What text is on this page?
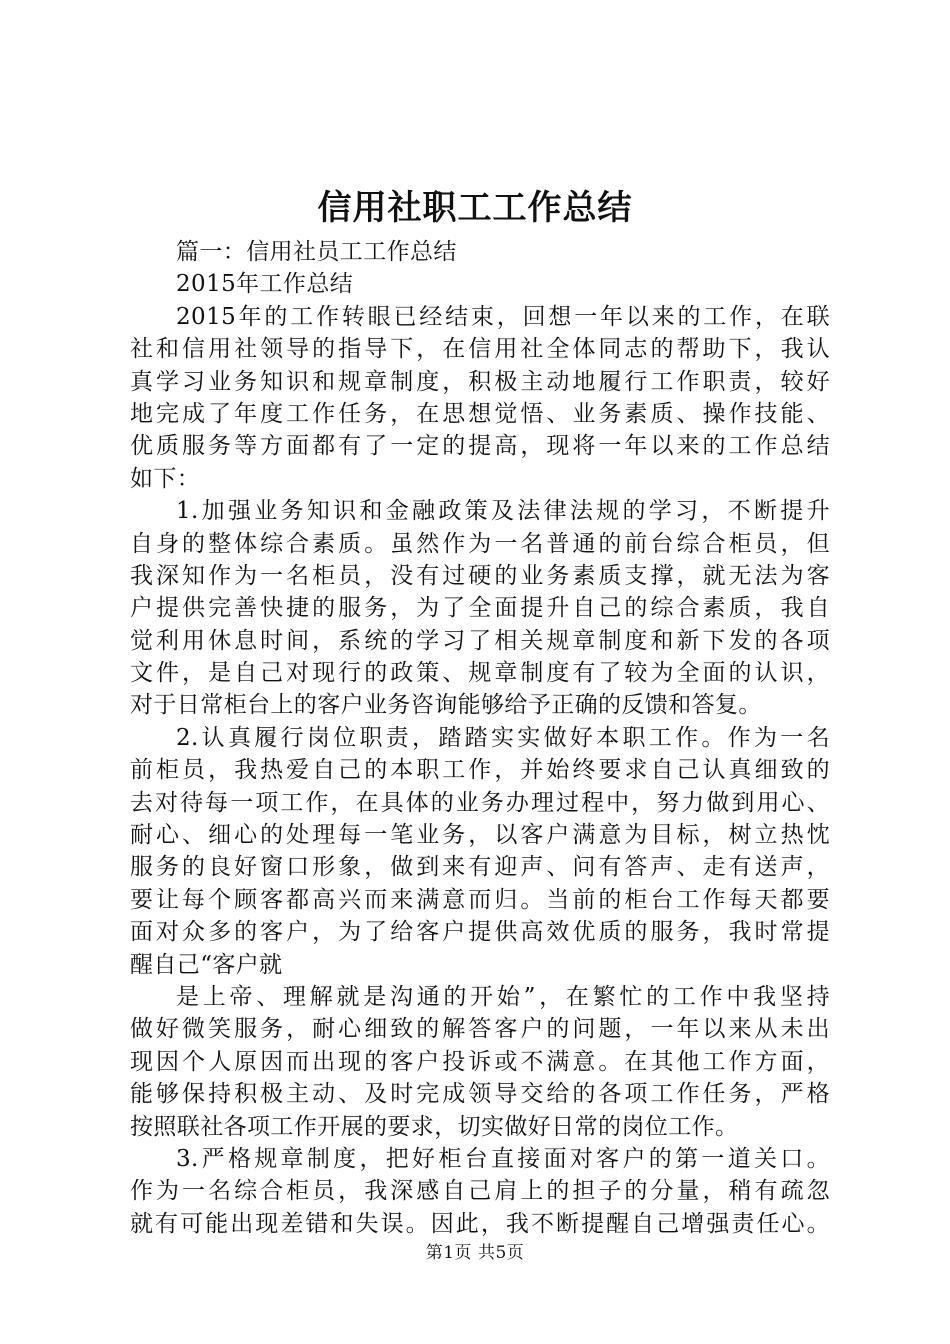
信用社职工工作总结
篇一：信用社员工工作总结
2015年工作总结
2015年的工作转眼已经结束，回想一年以来的工作，在联
社和信用社领导的指导下，在信用社全体同志的帮助下，我认
真学习业务知识和规章制度，积极主动地履行工作职责，较好
地完成了年度工作任务，在思想觉悟、业务素质、操作技能、
优质服务等方面都有了一定的提高，现将一年以来的工作总结
如下：
1.加强业务知识和金融政策及法律法规的学习，不断提升
自身的整体综合素质。虽然作为一名普通的前台综合柜员，但
我深知作为一名柜员，没有过硬的业务素质支撑，就无法为客
户提供完善快捷的服务，为了全面提升自己的综合素质，我自
觉利用休息时间，系统的学习了相关规章制度和新下发的各项
文件，是自己对现行的政策、规章制度有了较为全面的认识，
对于日常柜台上的客户业务咨询能够给予正确的反馈和答复。
2.认真履行岗位职责，踏踏实实做好本职工作。作为一名
前柜员，我热爱自己的本职工作，并始终要求自己认真细致的
去对待每一项工作，在具体的业务办理过程中，努力做到用心、
耐心、细心的处理每一笔业务，以客户满意为目标，树立热忱
服务的良好窗口形象，做到来有迎声、问有答声、走有送声，
要让每个顾客都高兴而来满意而归。当前的柜台工作每天都要
面对众多的客户，为了给客户提供高效优质的服务，我时常提
醒自己“客户就
是上帝、理解就是沟通的开始”，在繁忙的工作中我坚持
做好微笑服务，耐心细致的解答客户的问题，一年以来从未出
现因个人原因而出现的客户投诉或不满意。在其他工作方面，
能够保持积极主动、及时完成领导交给的各项工作任务，严格
按照联社各项工作开展的要求，切实做好日常的岗位工作。
3.严格规章制度，把好柜台直接面对客户的第一道关口。
作为一名综合柜员，我深感自己肩上的担子的分量，稍有疏忽
就有可能出现差错和失误。因此，我不断提醒自己增强责任心。
第1页 共5页
